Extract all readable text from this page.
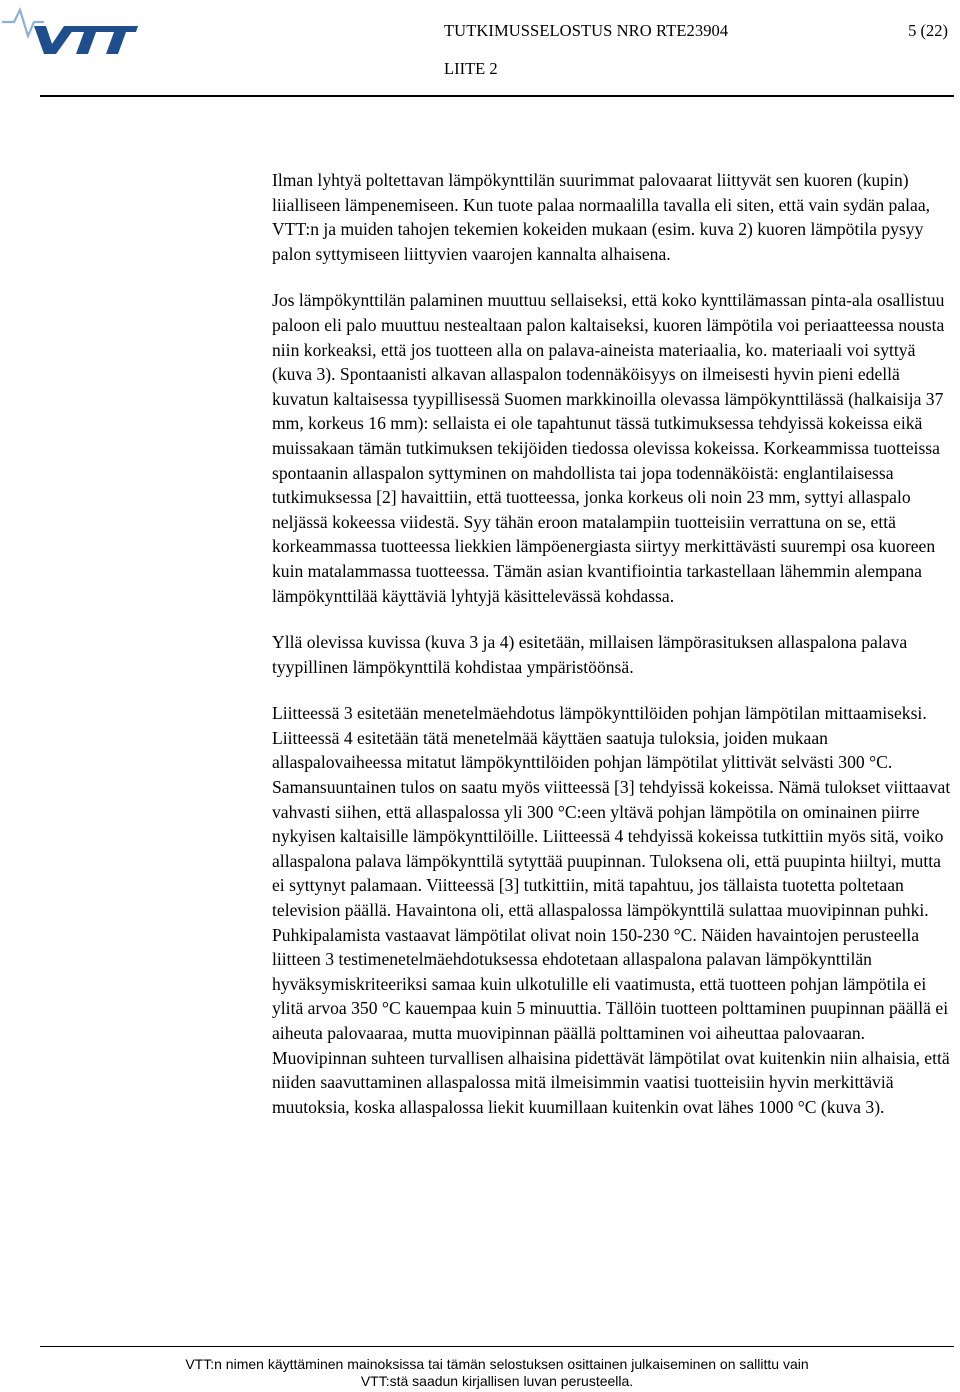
TUTKIMUSSELOSTUS NRO RTE23904	5 (22)
LIITE 2

Ilman lyhtyä poltettavan lämpökynttilän suurimmat palovaarat liittyvät sen kuoren (kupin) liialliseen lämpenemiseen. Kun tuote palaa normaalilla tavalla eli siten, että vain sydän palaa, VTT:n ja muiden tahojen tekemien kokeiden mukaan (esim. kuva 2) kuoren lämpötila pysyy palon syttymiseen liittyvien vaarojen kannalta alhaisena.

Jos lämpökynttilän palaminen muuttuu sellaiseksi, että koko kynttilämassan pinta-ala osallistuu paloon eli palo muuttuu nestealtaan palon kaltaiseksi, kuoren lämpötila voi periaatteessa nousta niin korkeaksi, että jos tuotteen alla on palava-aineista materiaalia, ko. materiaali voi syttyä (kuva 3). Spontaanisti alkavan allaspalon todennäköisyys on ilmeisesti hyvin pieni edellä kuvatun kaltaisessa tyypillisessä Suomen markkinoilla olevassa lämpökynttilässä (halkaisija 37 mm, korkeus 16 mm): sellaista ei ole tapahtunut tässä tutkimuksessa tehdyissä kokeissa eikä muissakaan tämän tutkimuksen tekijöiden tiedossa olevissa kokeissa. Korkeammissa tuotteissa spontaanin allaspalon syttyminen on mahdollista tai jopa todennäköistä: englantilaisessa tutkimuksessa [2] havaittiin, että tuotteessa, jonka korkeus oli noin 23 mm, syttyi allaspalo neljässä kokeessa viidestä. Syy tähän eroon matalampiin tuotteisiin verrattuna on se, että korkeammassa tuotteessa liekkien lämpöenergiasta siirtyy merkittävästi suurempi osa kuoreen kuin matalammassa tuotteessa. Tämän asian kvantifiointia tarkastellaan lähemmin alempana lämpökynttilää käyttäviä lyhtyjä käsittelevässä kohdassa.

Yllä olevissa kuvissa (kuva 3 ja 4) esitetään, millaisen lämpörasituksen allaspalona palava tyypillinen lämpökynttilä kohdistaa ympäristöönsä.

Liitteessä 3 esitetään menetelmäehdotus lämpökynttilöiden pohjan lämpötilan mittaamiseksi. Liitteessä 4 esitetään tätä menetelmää käyttäen saatuja tuloksia, joiden mukaan allaspalovaiheessa mitatut lämpökynttilöiden pohjan lämpötilat ylittivät selvästi 300 °C. Samansuuntainen tulos on saatu myös viitteessä [3] tehdyissä kokeissa. Nämä tulokset viittaavat vahvasti siihen, että allaspalossa yli 300 °C:een yltävä pohjan lämpötila on ominainen piirre nykyisen kaltaisille lämpökynttilöille. Liitteessä 4 tehdyissä kokeissa tutkittiin myös sitä, voiko allaspalona palava lämpökynttilä sytyttää puupinnan. Tuloksena oli, että puupinta hiiltyi, mutta ei syttynyt palamaan. Viitteessä [3] tutkittiin, mitä tapahtuu, jos tällaista tuotetta poltetaan television päällä. Havaintona oli, että allaspalossa lämpökynttilä sulattaa muovipinnan puhki. Puhkipalamista vastaavat lämpötilat olivat noin 150-230 °C. Näiden havaintojen perusteella liitteen 3 testimenetelmäehdotuksessa ehdotetaan allaspalona palavan lämpökynttilän hyväksymiskriteeriksi samaa kuin ulkotulille eli vaatimusta, että tuotteen pohjan lämpötila ei ylitä arvoa 350 °C kauempaa kuin 5 minuuttia. Tällöin tuotteen polttaminen puupinnan päällä ei aiheuta palovaaraa, mutta muovipinnan päällä polttaminen voi aiheuttaa palovaaran. Muovipinnan suhteen turvallisen alhaisina pidettävät lämpötilat ovat kuitenkin niin alhaisia, että niiden saavuttaminen allaspalossa mitä ilmeisimmin vaatisi tuotteisiin hyvin merkittäviä muutoksia, koska allaspalossa liekit kuumillaan kuitenkin ovat lähes 1000 °C (kuva 3).

VTT:n nimen käyttäminen mainoksissa tai tämän selostuksen osittainen julkaiseminen on sallittu vain
VTT:stä saadun kirjallisen luvan perusteella.
